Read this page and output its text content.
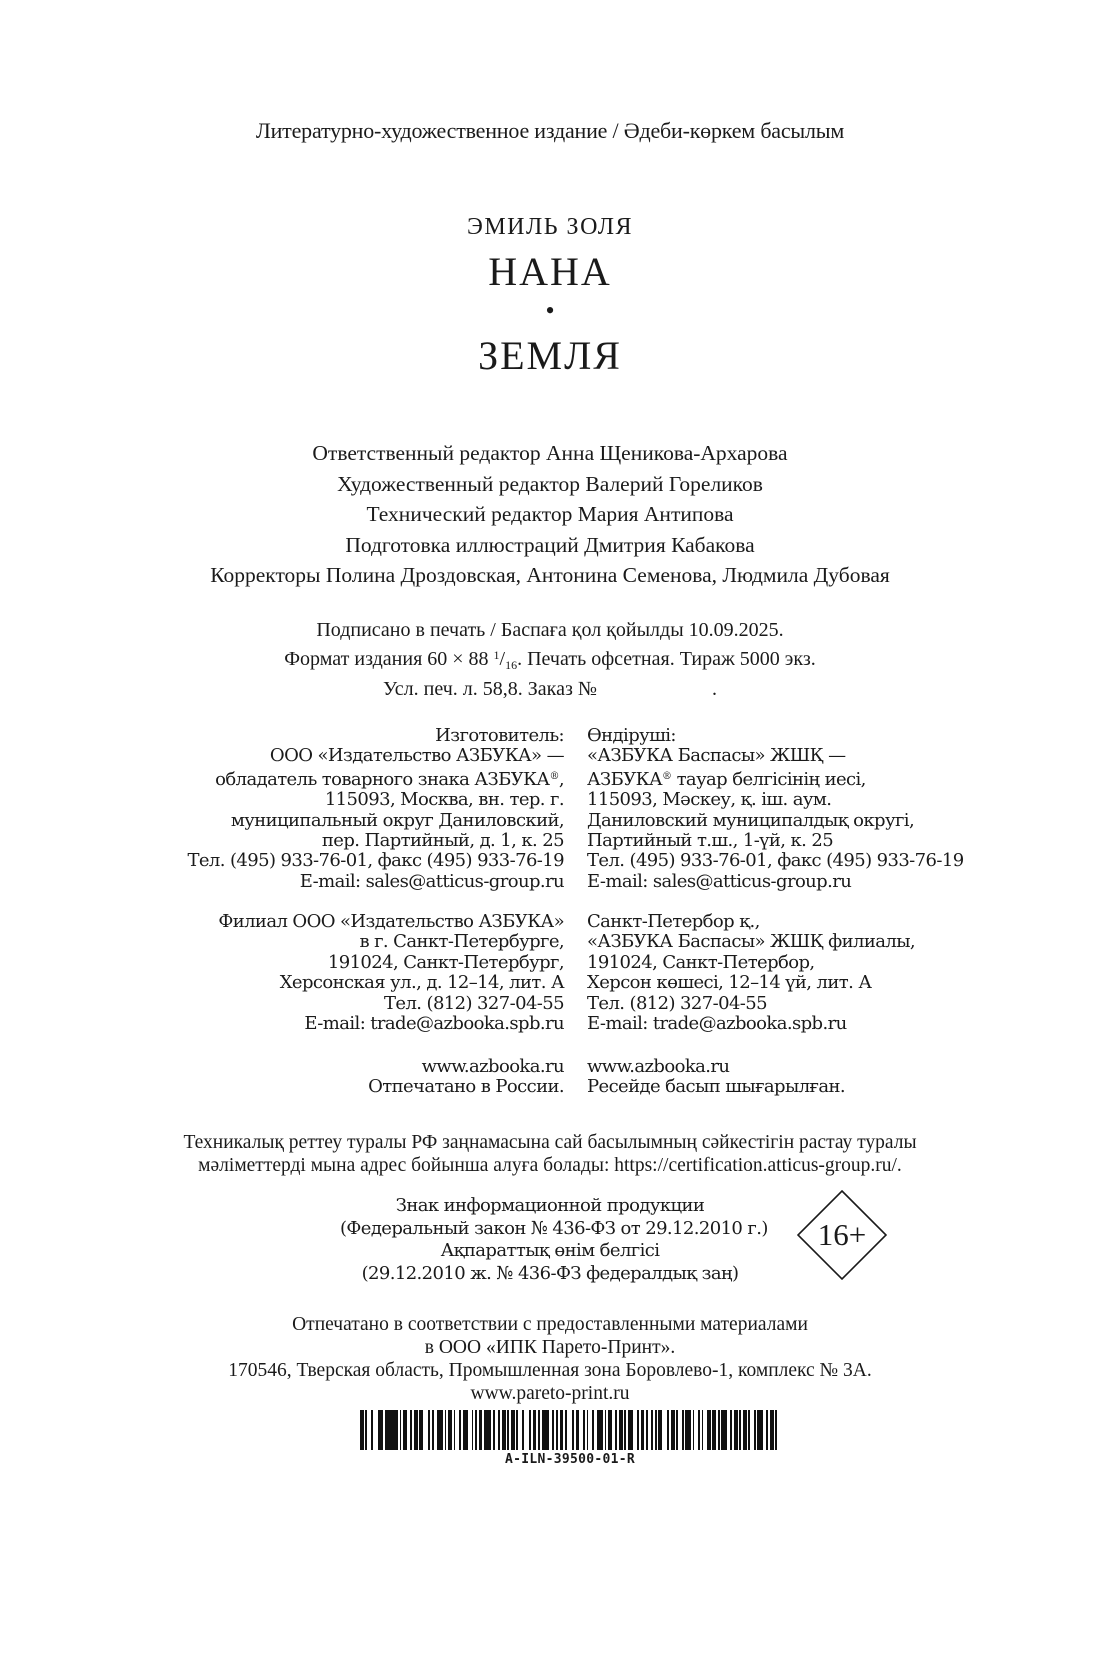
Литературно-художественное издание / Әдеби-көркем басылым
ЭМИЛЬ ЗОЛЯ
НАНА
•
ЗЕМЛЯ
Ответственный редактор Анна Щеникова-Архарова
Художественный редактор Валерий Гореликов
Технический редактор Мария Антипова
Подготовка иллюстраций Дмитрия Кабакова
Корректоры Полина Дроздовская, Антонина Семенова, Людмила Дубовая
Подписано в печать / Баспаға қол қойылды 10.09.2025.
Формат издания 60 × 88 $^1/_{16}$. Печать офсетная. Тираж 5000 экз.
Усл. печ. л. 58,8. Заказ №	.
Изготовитель:
ООО «Издательство АЗБУКА» —
обладатель товарного знака АЗБУКА®,
115093, Москва, вн. тер. г.
муниципальный округ Даниловский,
пер. Партийный, д. 1, к. 25
Тел. (495) 933-76-01, факс (495) 933-76-19
E-mail: sales@atticus-group.ru
Өндіруші:
«АЗБУКА Баспасы» ЖШҚ —
АЗБУКА® тауар белгісінің иесі,
115093, Мәскеу, қ. іш. аум.
Даниловский муниципалдық округі,
Партийный т.ш., 1-үй, к. 25
Тел. (495) 933-76-01, факс (495) 933-76-19
E-mail: sales@atticus-group.ru
Филиал ООО «Издательство АЗБУКА»
в г. Санкт-Петербурге,
191024, Санкт-Петербург,
Херсонская ул., д. 12–14, лит. А
Тел. (812) 327-04-55
E-mail: trade@azbooka.spb.ru
Санкт-Петербор қ.,
«АЗБУКА Баспасы» ЖШҚ филиалы,
191024, Санкт-Петербор,
Херсон көшесі, 12–14 үй, лит. А
Тел. (812) 327-04-55
E-mail: trade@azbooka.spb.ru
www.azbooka.ru
Отпечатано в России.
www.azbooka.ru
Ресейде басып шығарылған.
Техникалық реттеу туралы РФ заңнамасына сай басылымның сәйкестігін растау туралы
мәліметтерді мына адрес бойынша алуға болады: https://certification.atticus-group.ru/.
Знак информационной продукции
(Федеральный закон № 436-ФЗ от 29.12.2010 г.)
Ақпараттық өнім белгісі
(29.12.2010 ж. № 436-ФЗ федералдық заң)
16+
Отпечатано в соответствии с предоставленными материалами
в ООО «ИПК Парето-Принт».
170546, Тверская область, Промышленная зона Боровлево-1, комплекс № 3А.
www.pareto-print.ru
A-ILN-39500-01-R
